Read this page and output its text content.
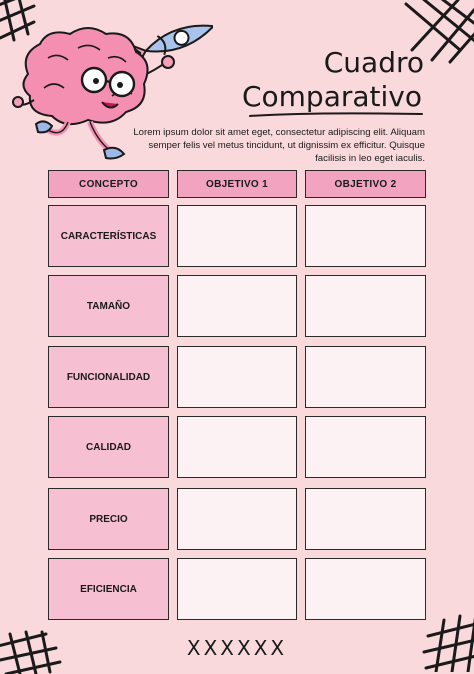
Cuadro
Comparativo
Lorem ipsum dolor sit amet eget, consectetur adipiscing elit. Aliquam semper felis vel metus tincidunt, ut dignissim ex efficitur. Quisque facilisis in leo eget iaculis.
CONCEPTO	OBJETIVO 1	OBJETIVO 2
CARACTERÍSTICAS
TAMAÑO
FUNCIONALIDAD
CALIDAD
PRECIO
EFICIENCIA
XXXXXX
